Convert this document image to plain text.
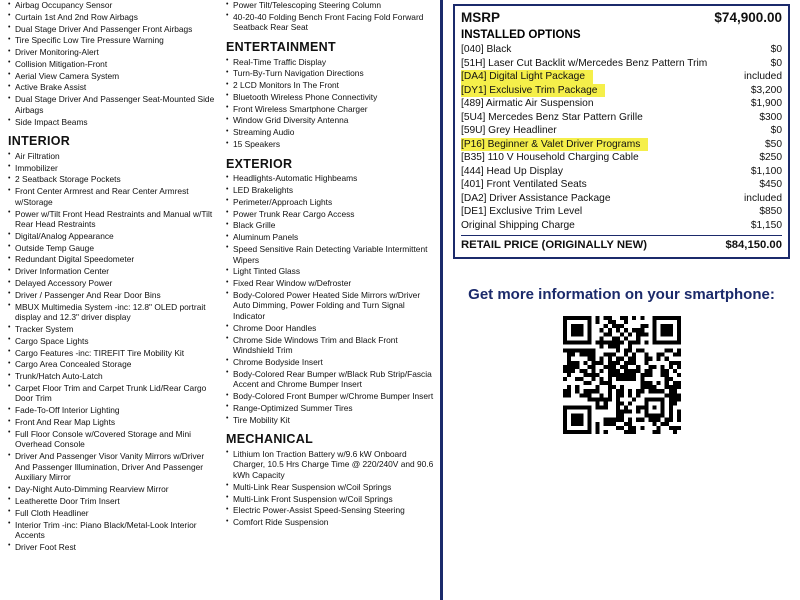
• Airbag Occupancy Sensor
• Curtain 1st And 2nd Row Airbags
• Dual Stage Driver And Passenger Front Airbags
• Tire Specific Low Tire Pressure Warning
• Driver Monitoring-Alert
• Collision Mitigation-Front
• Aerial View Camera System
• Active Brake Assist
• Dual Stage Driver And Passenger Seat-Mounted Side Airbags
• Side Impact Beams
INTERIOR
• Air Filtration
• Immobilizer
• 2 Seatback Storage Pockets
• Front Center Armrest and Rear Center Armrest w/Storage
• Power w/Tilt Front Head Restraints and Manual w/Tilt Rear Head Restraints
• Digital/Analog Appearance
• Outside Temp Gauge
• Redundant Digital Speedometer
• Driver Information Center
• Delayed Accessory Power
• Driver / Passenger And Rear Door Bins
• MBUX Multimedia System -inc: 12.8" OLED portrait display and 12.3" driver display
• Tracker System
• Cargo Space Lights
• Cargo Features -inc: TIREFIT Tire Mobility Kit
• Cargo Area Concealed Storage
• Trunk/Hatch Auto-Latch
• Carpet Floor Trim and Carpet Trunk Lid/Rear Cargo Door Trim
• Fade-To-Off Interior Lighting
• Front And Rear Map Lights
• Full Floor Console w/Covered Storage and Mini Overhead Console
• Driver And Passenger Visor Vanity Mirrors w/Driver And Passenger Illumination, Driver And Passenger Auxiliary Mirror
• Day-Night Auto-Dimming Rearview Mirror
• Leatherette Door Trim Insert
• Full Cloth Headliner
• Interior Trim -inc: Piano Black/Metal-Look Interior Accents
• Driver Foot Rest
• Power Tilt/Telescoping Steering Column
• 40-20-40 Folding Bench Front Facing Fold Forward Seatback Rear Seat
ENTERTAINMENT
• Real-Time Traffic Display
• Turn-By-Turn Navigation Directions
• 2 LCD Monitors In The Front
• Bluetooth Wireless Phone Connectivity
• Front Wireless Smartphone Charger
• Window Grid Diversity Antenna
• Streaming Audio
• 15 Speakers
EXTERIOR
• Headlights-Automatic Highbeams
• LED Brakelights
• Perimeter/Approach Lights
• Power Trunk Rear Cargo Access
• Black Grille
• Aluminum Panels
• Speed Sensitive Rain Detecting Variable Intermittent Wipers
• Light Tinted Glass
• Fixed Rear Window w/Defroster
• Body-Colored Power Heated Side Mirrors w/Driver Auto Dimming, Power Folding and Turn Signal Indicator
• Chrome Door Handles
• Chrome Side Windows Trim and Black Front Windshield Trim
• Chrome Bodyside Insert
• Body-Colored Rear Bumper w/Black Rub Strip/Fascia Accent and Chrome Bumper Insert
• Body-Colored Front Bumper w/Chrome Bumper Insert
• Range-Optimized Summer Tires
• Tire Mobility Kit
MECHANICAL
• Lithium Ion Traction Battery w/9.6 kW Onboard Charger, 10.5 Hrs Charge Time @ 220/240V and 90.6 kWh Capacity
• Multi-Link Rear Suspension w/Coil Springs
• Multi-Link Front Suspension w/Coil Springs
• Electric Power-Assist Speed-Sensing Steering
• Comfort Ride Suspension
MSRP	$74,900.00
INSTALLED OPTIONS
[040] Black	$0
[51H] Laser Cut Backlit w/Mercedes Benz Pattern Trim	$0
[DA4] Digital Light Package	included
[DY1] Exclusive Trim Package	$3,200
[489] Airmatic Air Suspension	$1,900
[5U4] Mercedes Benz Star Pattern Grille	$300
[59U] Grey Headliner	$0
[P16] Beginner & Valet Driver Programs	$50
[B35] 110 V Household Charging Cable	$250
[444] Head Up Display	$1,100
[401] Front Ventilated Seats	$450
[DA2] Driver Assistance Package	included
[DE1] Exclusive Trim Level	$850
Original Shipping Charge	$1,150
RETAIL PRICE (ORIGINALLY NEW)	$84,150.00
Get more information on your smartphone:
